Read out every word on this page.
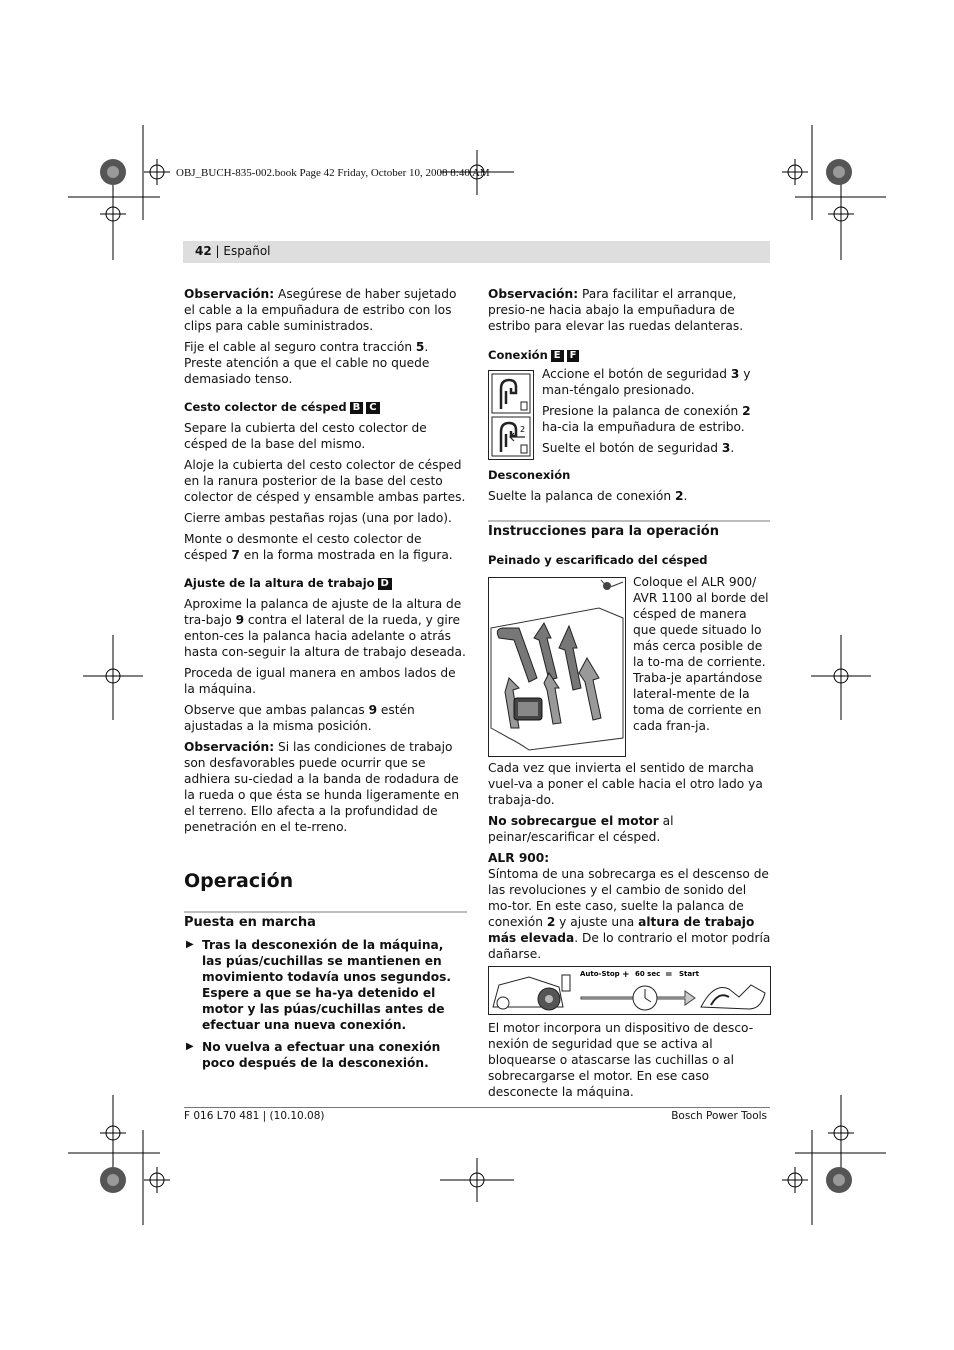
OBJ_BUCH-835-002.book Page 42 Friday, October 10, 2008 8:40 AM
42 | Español

Observación: Asegúrese de haber sujetado el cable a la empuñadura de estribo con los clips para cable suministrados.

Fije el cable al seguro contra tracción 5. Preste atención a que el cable no quede demasiado tenso.

Cesto colector de césped B C

Separe la cubierta del cesto colector de césped de la base del mismo.

Aloje la cubierta del cesto colector de césped en la ranura posterior de la base del cesto colector de césped y ensamble ambas partes.

Cierre ambas pestañas rojas (una por lado).

Monte o desmonte el cesto colector de césped 7 en la forma mostrada en la figura.

Ajuste de la altura de trabajo D

Aproxime la palanca de ajuste de la altura de tra-bajo 9 contra el lateral de la rueda, y gire enton-ces la palanca hacia adelante o atrás hasta con-seguir la altura de trabajo deseada.

Proceda de igual manera en ambos lados de la máquina.

Observe que ambas palancas 9 estén ajustadas a la misma posición.

Observación: Si las condiciones de trabajo son desfavorables puede ocurrir que se adhiera su-ciedad a la banda de rodadura de la rueda o que ésta se hunda ligeramente en el terreno. Ello afecta a la profundidad de penetración en el te-rreno.

Operación
Puesta en marcha
▶ Tras la desconexión de la máquina, las púas/cuchillas se mantienen en movimiento todavía unos segundos. Espere a que se ha-ya detenido el motor y las púas/cuchillas antes de efectuar una nueva conexión.
▶ No vuelva a efectuar una conexión poco después de la desconexión.

Observación: Para facilitar el arranque, presio-ne hacia abajo la empuñadura de estribo para elevar las ruedas delanteras.

Conexión E F
2

Accione el botón de seguridad 3 y man-téngalo presionado.

Presione la palanca de conexión 2 ha-cia la empuñadura de estribo.

Suelte el botón de seguridad 3.

Desconexión

Suelte la palanca de conexión 2.

Instrucciones para la operación
Peinado y escarificado del césped
Coloque el ALR 900/ AVR 1100 al borde del césped de manera que quede situado lo más cerca posible de la to-ma de corriente. Traba-je apartándose lateral-mente de la toma de corriente en cada fran-ja.

Cada vez que invierta el sentido de marcha vuel-va a poner el cable hacia el otro lado ya trabaja-do.

No sobrecargue el motor al peinar/escarificar el césped.

ALR 900:

Síntoma de una sobrecarga es el descenso de las revoluciones y el cambio de sonido del mo-tor. En este caso, suelte la palanca de conexión 2 y ajuste una altura de trabajo más elevada. De lo contrario el motor podría dañarse.

Auto-Stop + 60 sec = Start
El motor incorpora un dispositivo de desco-nexión de seguridad que se activa al bloquearse o atascarse las cuchillas o al sobrecargarse el motor. En ese caso desconecte la máquina.
F 016 L70 481 | (10.10.08)	Bosch Power Tools
